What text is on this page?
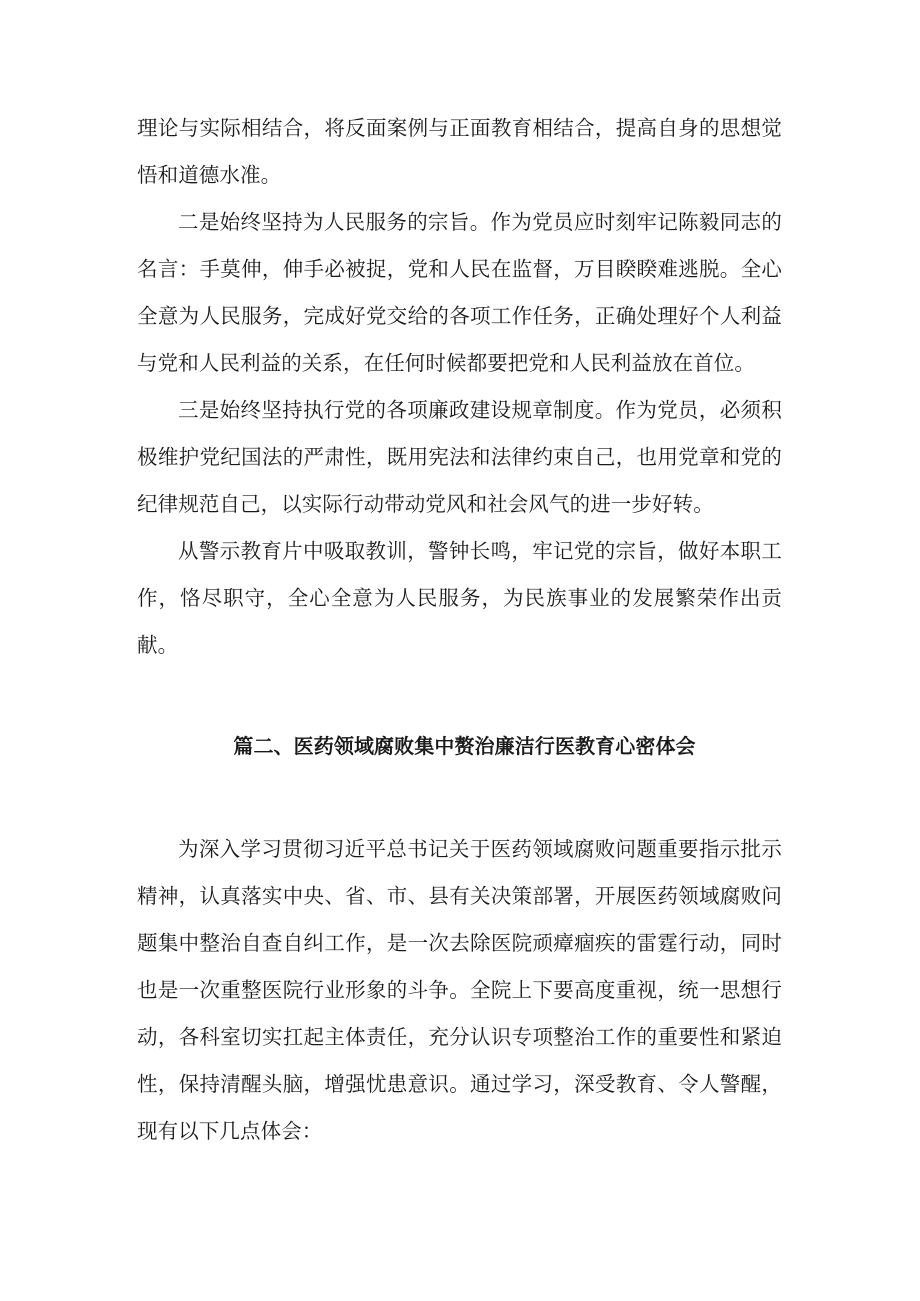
理论与实际相结合，将反面案例与正面教育相结合，提高自身的思想觉悟和道德水准。

二是始终坚持为人民服务的宗旨。作为党员应时刻牢记陈毅同志的名言：手莫伸，伸手必被捉，党和人民在监督，万目睽睽难逃脱。全心全意为人民服务，完成好党交给的各项工作任务，正确处理好个人利益与党和人民利益的关系，在任何时候都要把党和人民利益放在首位。

三是始终坚持执行党的各项廉政建设规章制度。作为党员，必须积极维护党纪国法的严肃性，既用宪法和法律约束自己，也用党章和党的纪律规范自己，以实际行动带动党风和社会风气的进一步好转。

从警示教育片中吸取教训，警钟长鸣，牢记党的宗旨，做好本职工作，恪尽职守，全心全意为人民服务，为民族事业的发展繁荣作出贡献。

篇二、医药领域腐败集中赘治廉洁行医教育心密体会

为深入学习贯彻习近平总书记关于医药领域腐败问题重要指示批示精神，认真落实中央、省、市、县有关决策部署，开展医药领域腐败问题集中整治自查自纠工作，是一次去除医院顽瘴痼疾的雷霆行动，同时也是一次重整医院行业形象的斗争。全院上下要高度重视，统一思想行动，各科室切实扛起主体责任，充分认识专项整治工作的重要性和紧迫性，保持清醒头脑，增强忧患意识。通过学习，深受教育、令人警醒，现有以下几点体会：
